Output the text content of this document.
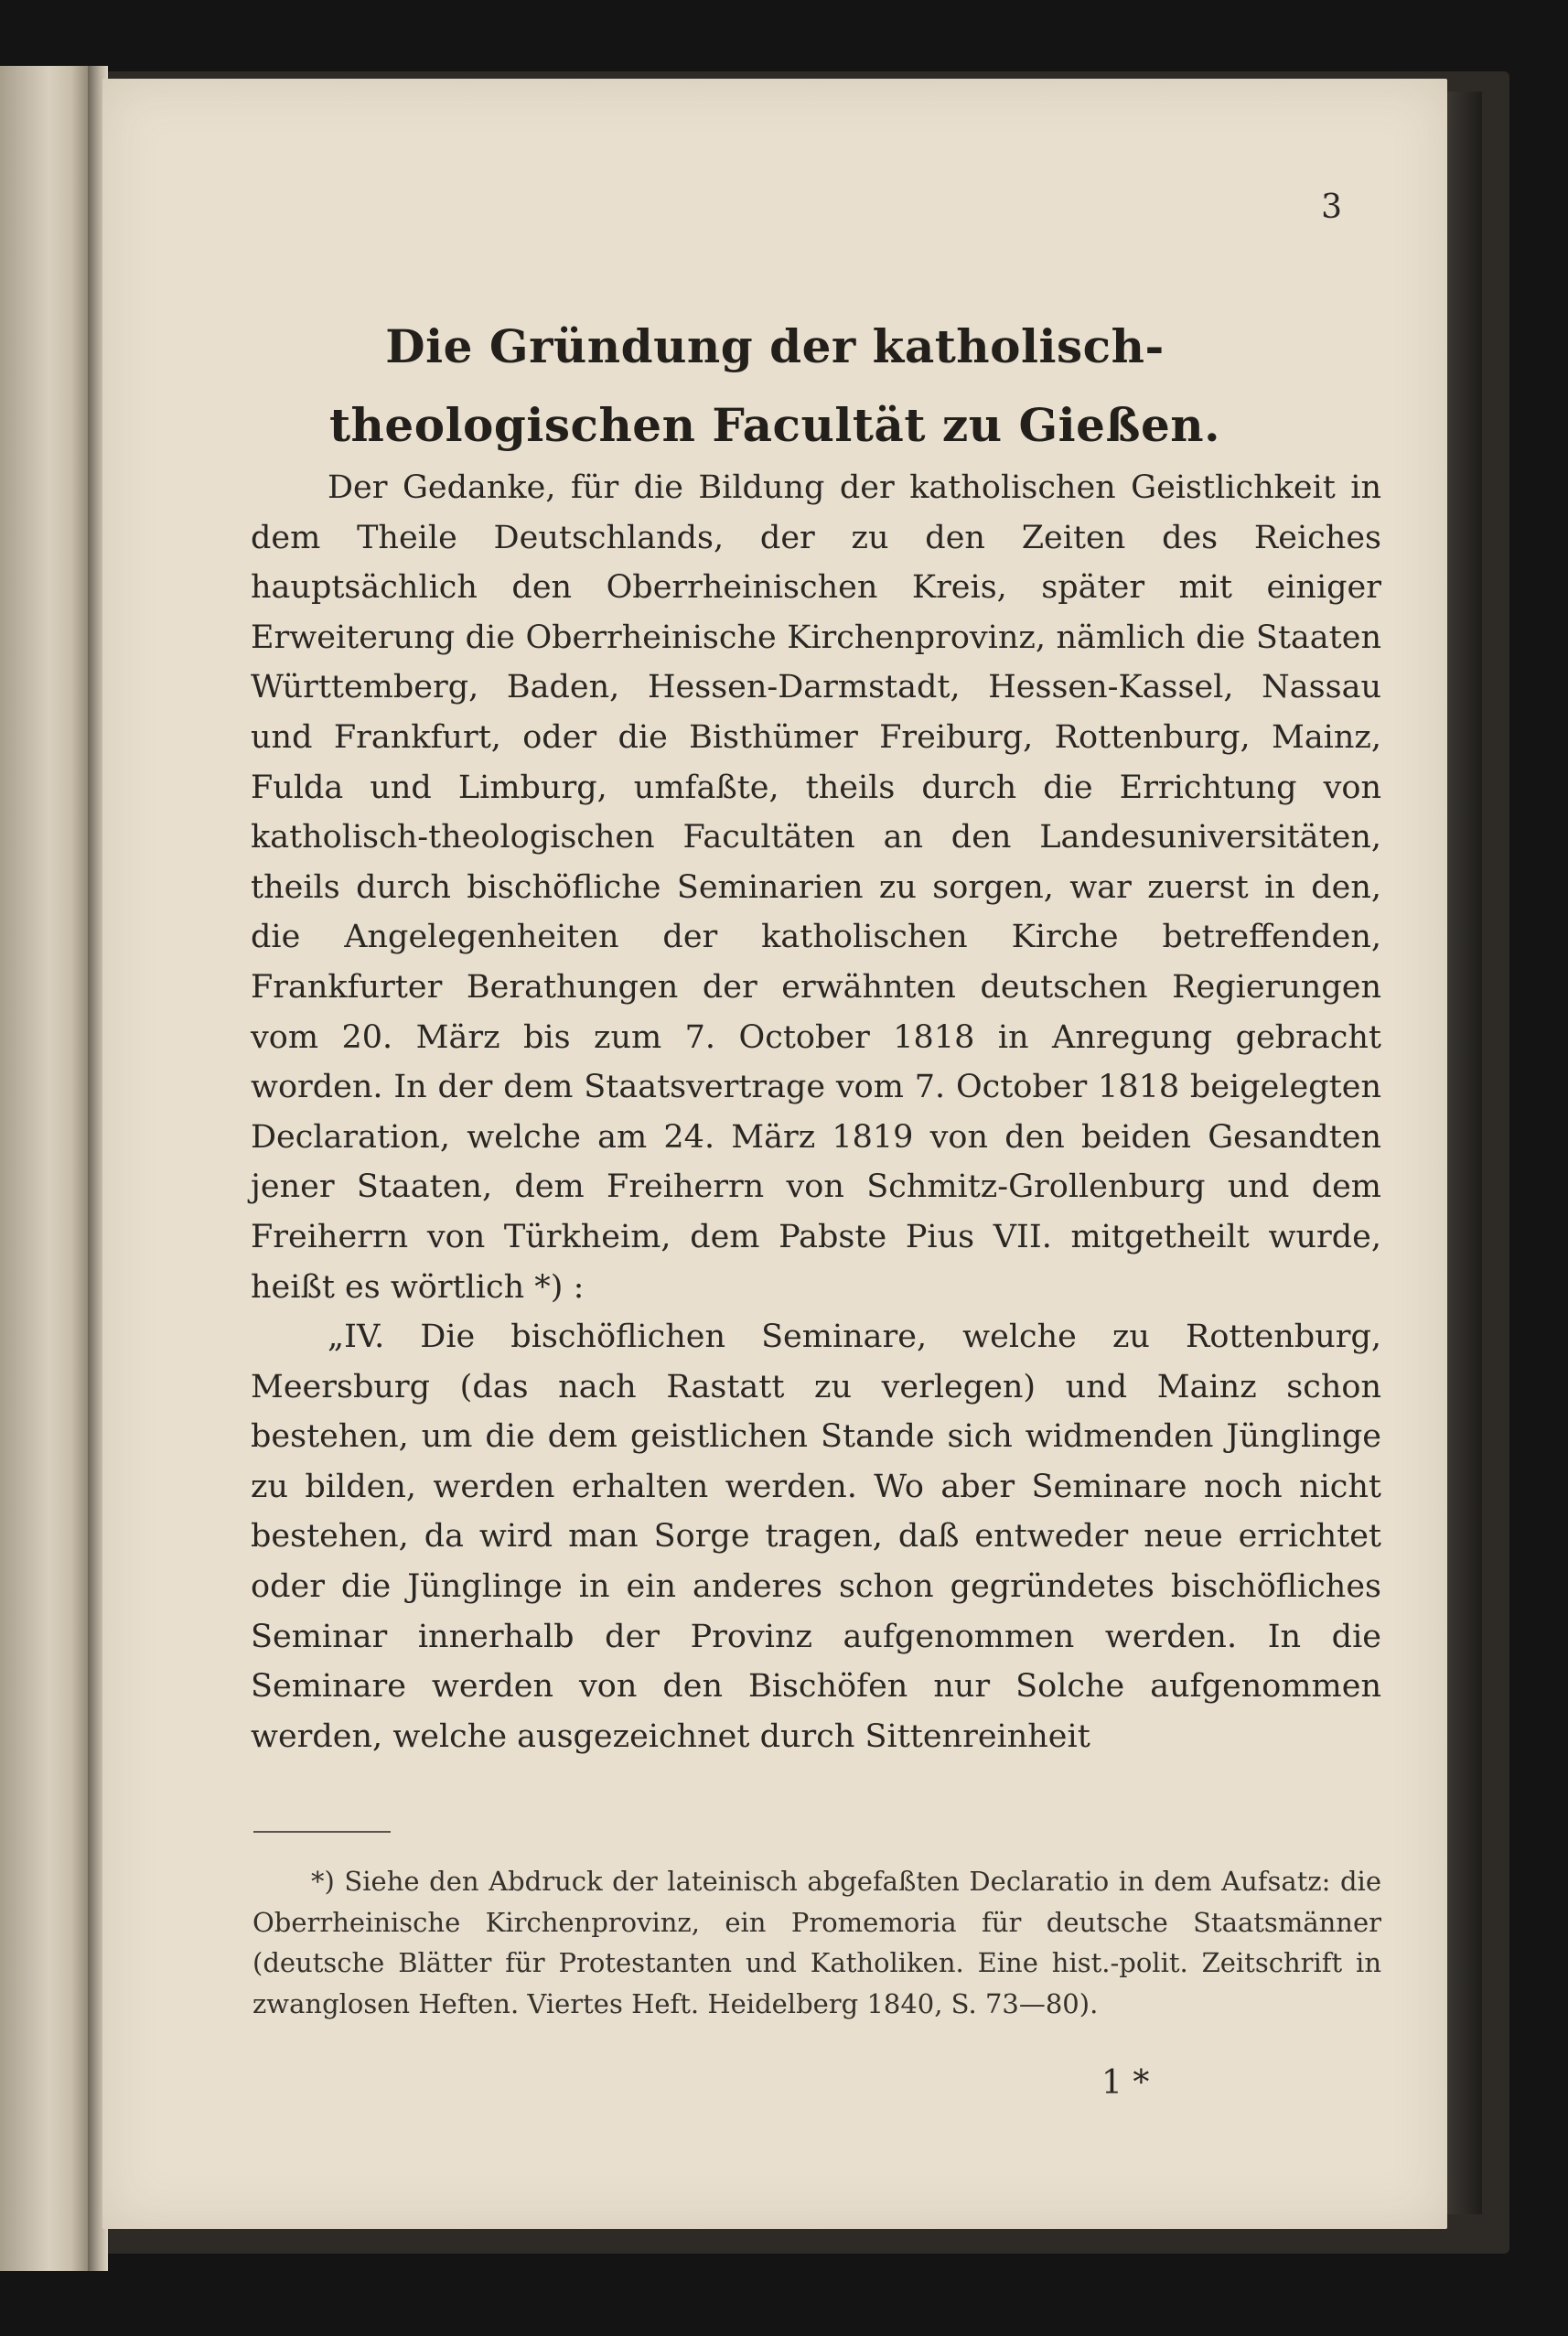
3
Die Gründung der katholisch-theologischen Facultät zu Gießen.

Der Gedanke, für die Bildung der katholischen Geistlichkeit in dem Theile Deutschlands, der zu den Zeiten des Reiches hauptsächlich den Oberrheinischen Kreis, später mit einiger Erweiterung die Oberrheinische Kirchenprovinz, nämlich die Staaten Württemberg, Baden, Hessen-Darmstadt, Hessen-Kassel, Nassau und Frankfurt, oder die Bisthümer Freiburg, Rottenburg, Mainz, Fulda und Limburg, umfaßte, theils durch die Errichtung von katholisch-theologischen Facultäten an den Landesuniversitäten, theils durch bischöfliche Seminarien zu sorgen, war zuerst in den, die Angelegenheiten der katholischen Kirche betreffenden, Frankfurter Berathungen der erwähnten deutschen Regierungen vom 20. März bis zum 7. October 1818 in Anregung gebracht worden. In der dem Staatsvertrage vom 7. October 1818 beigelegten Declaration, welche am 24. März 1819 von den beiden Gesandten jener Staaten, dem Freiherrn von Schmitz-Grollenburg und dem Freiherrn von Türkheim, dem Pabste Pius VII. mitgetheilt wurde, heißt es wörtlich *) :

„IV. Die bischöflichen Seminare, welche zu Rottenburg, Meersburg (das nach Rastatt zu verlegen) und Mainz schon bestehen, um die dem geistlichen Stande sich widmenden Jünglinge zu bilden, werden erhalten werden. Wo aber Seminare noch nicht bestehen, da wird man Sorge tragen, daß entweder neue errichtet oder die Jünglinge in ein anderes schon gegründetes bischöfliches Seminar innerhalb der Provinz aufgenommen werden. In die Seminare werden von den Bischöfen nur Solche aufgenommen werden, welche ausgezeichnet durch Sittenreinheit

*) Siehe den Abdruck der lateinisch abgefaßten Declaratio in dem Aufsatz: die Oberrheinische Kirchenprovinz, ein Promemoria für deutsche Staatsmänner (deutsche Blätter für Protestanten und Katholiken. Eine hist.-polit. Zeitschrift in zwanglosen Heften. Viertes Heft. Heidelberg 1840, S. 73—80).
1 *
